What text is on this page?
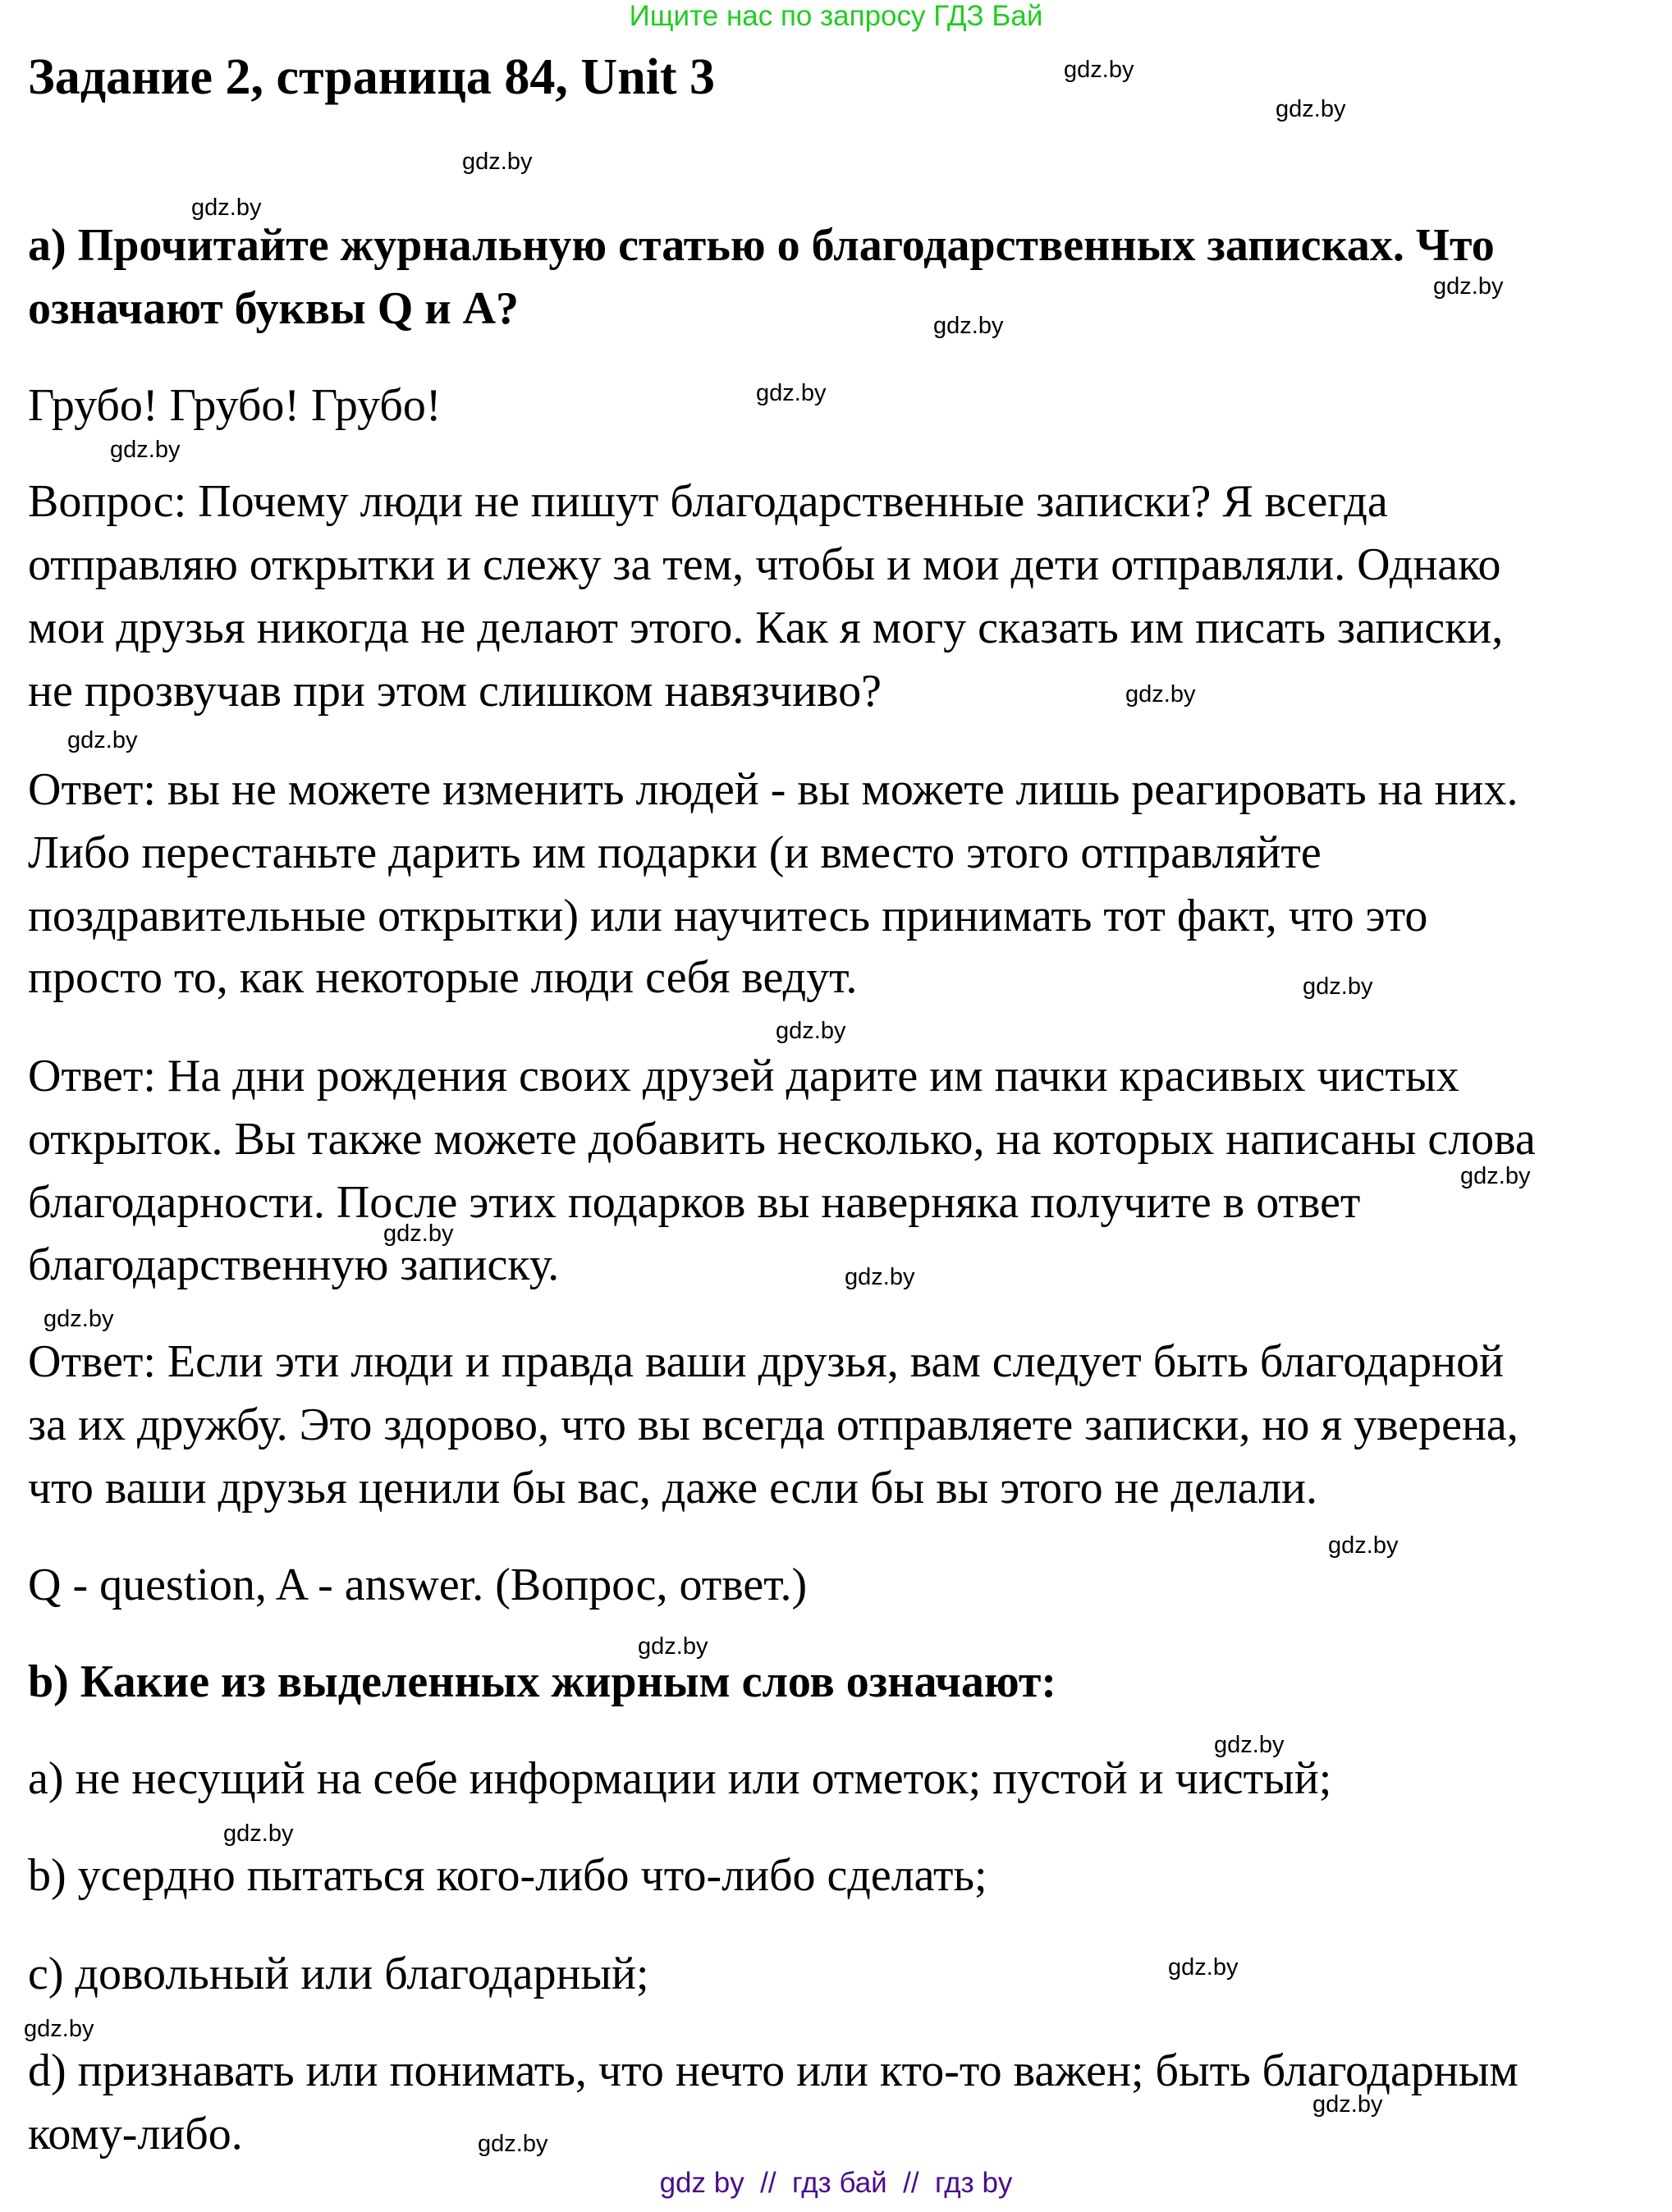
Ищите нас по запросу ГДЗ Бай
Задание 2, страница 84, Unit 3
a) Прочитайте журнальную статью о благодарственных записках. Что
означают буквы Q и A?
Грубо! Грубо! Грубо!
Вопрос: Почему люди не пишут благодарственные записки? Я всегда
отправляю открытки и слежу за тем, чтобы и мои дети отправляли. Однако
мои друзья никогда не делают этого. Как я могу сказать им писать записки,
не прозвучав при этом слишком навязчиво?
Ответ: вы не можете изменить людей - вы можете лишь реагировать на них.
Либо перестаньте дарить им подарки (и вместо этого отправляйте
поздравительные открытки) или научитесь принимать тот факт, что это
просто то, как некоторые люди себя ведут.
Ответ: На дни рождения своих друзей дарите им пачки красивых чистых
открыток. Вы также можете добавить несколько, на которых написаны слова
благодарности. После этих подарков вы наверняка получите в ответ
благодарственную записку.
Ответ: Если эти люди и правда ваши друзья, вам следует быть благодарной
за их дружбу. Это здорово, что вы всегда отправляете записки, но я уверена,
что ваши друзья ценили бы вас, даже если бы вы этого не делали.
Q - question, A - answer. (Вопрос, ответ.)
b) Какие из выделенных жирным слов означают:
a) не несущий на себе информации или отметок; пустой и чистый;
b) усердно пытаться кого-либо что-либо сделать;
c) довольный или благодарный;
d) признавать или понимать, что нечто или кто-то важен; быть благодарным
кому-либо.
gdz.by
gdz.by
gdz.by
gdz.by
gdz.by
gdz.by
gdz.by
gdz.by
gdz.by
gdz.by
gdz.by
gdz.by
gdz.by
gdz.by
gdz.by
gdz.by
gdz.by
gdz.by
gdz.by
gdz.by
gdz.by
gdz.by
gdz.by
gdz.by
gdz by  //  гдз бай  //  гдз by
